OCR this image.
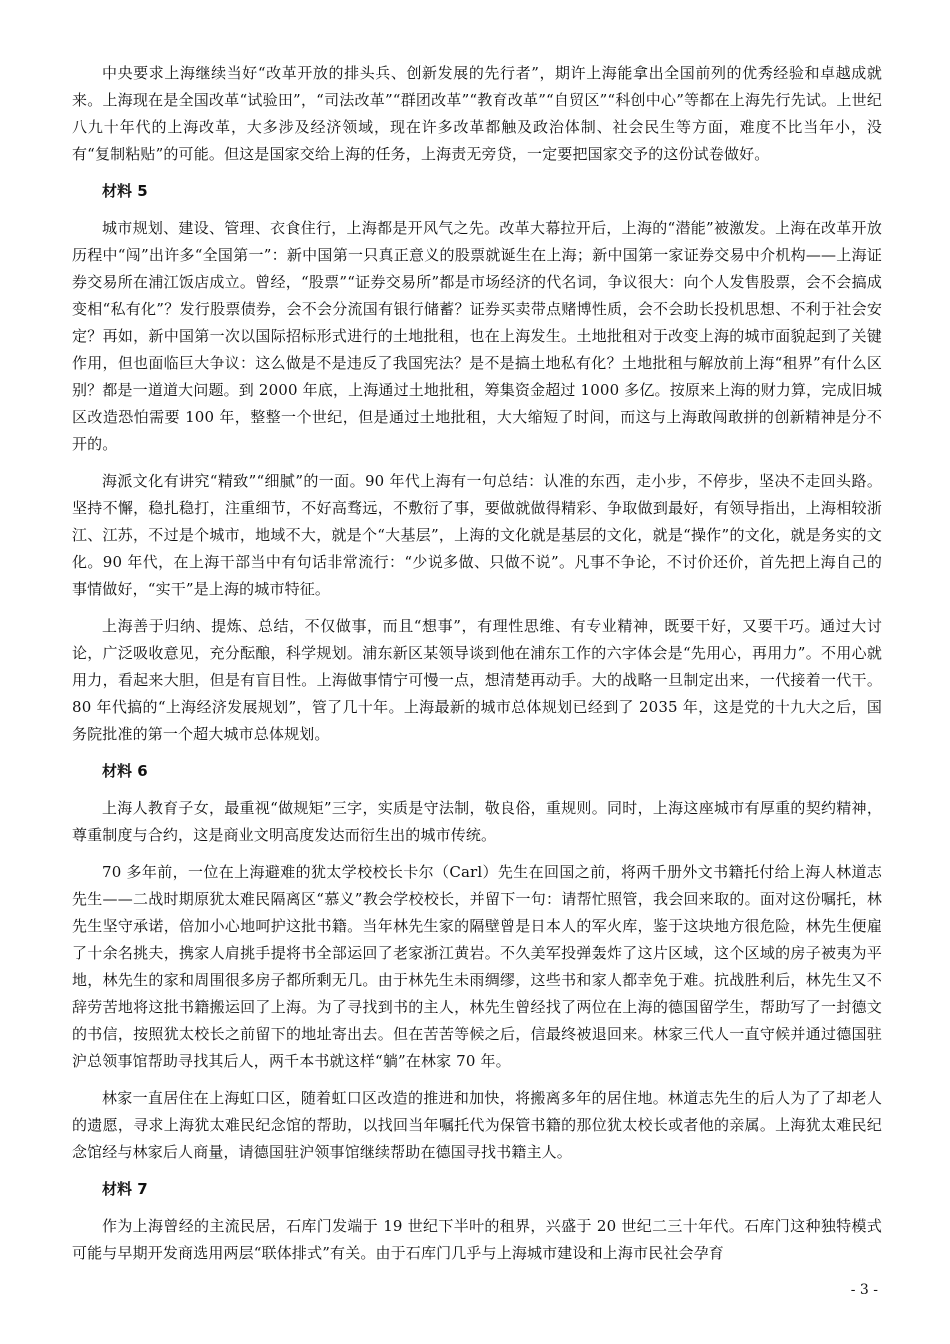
中央要求上海继续当好“改革开放的排头兵、创新发展的先行者”，期许上海能拿出全国前列的优秀经验和卓越成就来。上海现在是全国改革“试验田”，“司法改革”“群团改革”“教育改革”“自贸区”“科创中心”等都在上海先行先试。上世纪八九十年代的上海改革，大多涉及经济领域，现在许多改革都触及政治体制、社会民生等方面，难度不比当年小，没有“复制粘贴”的可能。但这是国家交给上海的任务，上海责无旁贷，一定要把国家交予的这份试卷做好。

材料 5

城市规划、建设、管理、衣食住行，上海都是开风气之先。改革大幕拉开后，上海的“潜能”被激发。上海在改革开放历程中“闯”出许多“全国第一”：新中国第一只真正意义的股票就诞生在上海；新中国第一家证券交易中介机构——上海证券交易所在浦江饭店成立。曾经，“股票”“证券交易所”都是市场经济的代名词，争议很大：向个人发售股票，会不会搞成变相“私有化”？发行股票债券，会不会分流国有银行储蓄？证券买卖带点赌博性质，会不会助长投机思想、不利于社会安定？再如，新中国第一次以国际招标形式进行的土地批租，也在上海发生。土地批租对于改变上海的城市面貌起到了关键作用，但也面临巨大争议：这么做是不是违反了我国宪法？是不是搞土地私有化？土地批租与解放前上海“租界”有什么区别？都是一道道大问题。到 2000 年底，上海通过土地批租，筹集资金超过 1000 多亿。按原来上海的财力算，完成旧城区改造恐怕需要 100 年，整整一个世纪，但是通过土地批租，大大缩短了时间，而这与上海敢闯敢拼的创新精神是分不开的。

海派文化有讲究“精致”“细腻”的一面。90 年代上海有一句总结：认准的东西，走小步，不停步，坚决不走回头路。坚持不懈，稳扎稳打，注重细节，不好高骛远，不敷衍了事，要做就做得精彩、争取做到最好，有领导指出，上海相较浙江、江苏，不过是个城市，地域不大，就是个“大基层”，上海的文化就是基层的文化，就是“操作”的文化，就是务实的文化。90 年代，在上海干部当中有句话非常流行：“少说多做、只做不说”。凡事不争论，不讨价还价，首先把上海自己的事情做好，“实干”是上海的城市特征。

上海善于归纳、提炼、总结，不仅做事，而且“想事”，有理性思维、有专业精神，既要干好，又要干巧。通过大讨论，广泛吸收意见，充分酝酿，科学规划。浦东新区某领导谈到他在浦东工作的六字体会是“先用心，再用力”。不用心就用力，看起来大胆，但是有盲目性。上海做事情宁可慢一点，想清楚再动手。大的战略一旦制定出来，一代接着一代干。80 年代搞的“上海经济发展规划”，管了几十年。上海最新的城市总体规划已经到了 2035 年，这是党的十九大之后，国务院批准的第一个超大城市总体规划。

材料 6

上海人教育子女，最重视“做规矩”三字，实质是守法制，敬良俗，重规则。同时，上海这座城市有厚重的契约精神，尊重制度与合约，这是商业文明高度发达而衍生出的城市传统。

70 多年前，一位在上海避难的犹太学校校长卡尔（Carl）先生在回国之前，将两千册外文书籍托付给上海人林道志先生——二战时期原犹太难民隔离区“慕义”教会学校校长，并留下一句：请帮忙照管，我会回来取的。面对这份嘱托，林先生坚守承诺，倍加小心地呵护这批书籍。当年林先生家的隔壁曾是日本人的军火库，鉴于这块地方很危险，林先生便雇了十余名挑夫，携家人肩挑手提将书全部运回了老家浙江黄岩。不久美军投弹轰炸了这片区域，这个区域的房子被夷为平地，林先生的家和周围很多房子都所剩无几。由于林先生未雨绸缪，这些书和家人都幸免于难。抗战胜利后，林先生又不辞劳苦地将这批书籍搬运回了上海。为了寻找到书的主人，林先生曾经找了两位在上海的德国留学生，帮助写了一封德文的书信，按照犹太校长之前留下的地址寄出去。但在苦苦等候之后，信最终被退回来。林家三代人一直守候并通过德国驻沪总领事馆帮助寻找其后人，两千本书就这样“躺”在林家 70 年。

林家一直居住在上海虹口区，随着虹口区改造的推进和加快，将搬离多年的居住地。林道志先生的后人为了了却老人的遗愿，寻求上海犹太难民纪念馆的帮助，以找回当年嘱托代为保管书籍的那位犹太校长或者他的亲属。上海犹太难民纪念馆经与林家后人商量，请德国驻沪领事馆继续帮助在德国寻找书籍主人。

材料 7

作为上海曾经的主流民居，石库门发端于 19 世纪下半叶的租界，兴盛于 20 世纪二三十年代。石库门这种独特模式可能与早期开发商选用两层“联体排式”有关。由于石库门几乎与上海城市建设和上海市民社会孕育

- 3 -
